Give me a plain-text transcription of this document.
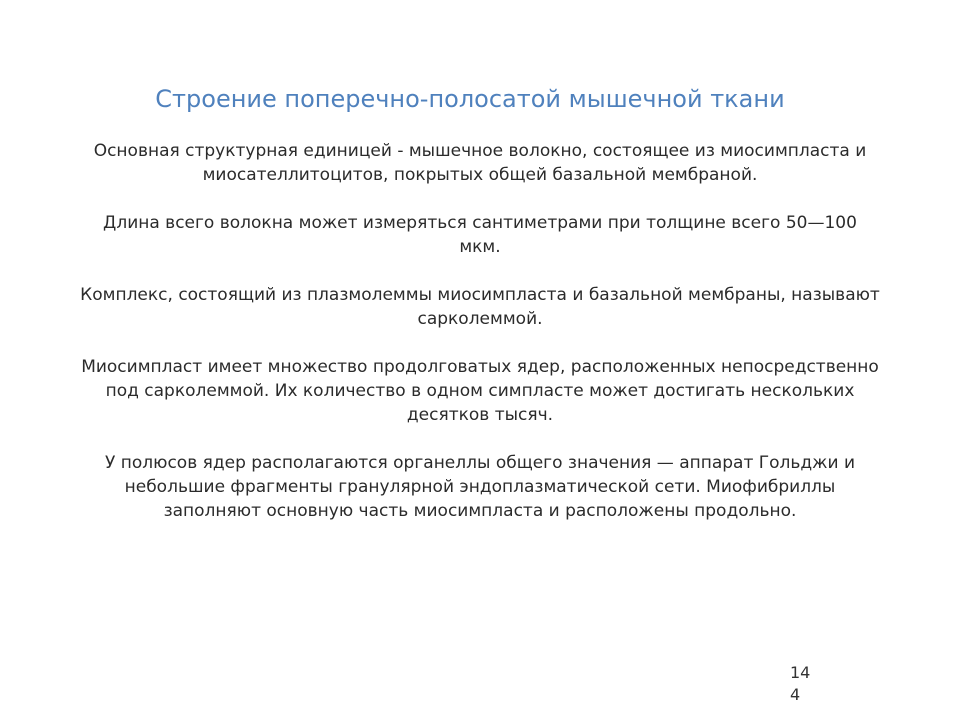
Строение поперечно-полосатой мышечной ткани

Основная структурная единицей - мышечное волокно, состоящее из миосимпласта и миосателлитоцитов, покрытых общей базальной мембраной.

Длина всего волокна может измеряться сантиметрами при толщине всего 50—100 мкм.

Комплекс, состоящий из плазмолеммы миосимпласта и базальной мембраны, называют сарколеммой.

Миосимпласт имеет множество продолговатых ядер, расположенных непосредственно под сарколеммой. Их количество в одном симпласте может достигать нескольких десятков тысяч.

У полюсов ядер располагаются органеллы общего значения — аппарат Гольджи и небольшие фрагменты гранулярной эндоплазматической сети. Миофибриллы заполняют основную часть миосимпласта и расположены продольно.

14
4
